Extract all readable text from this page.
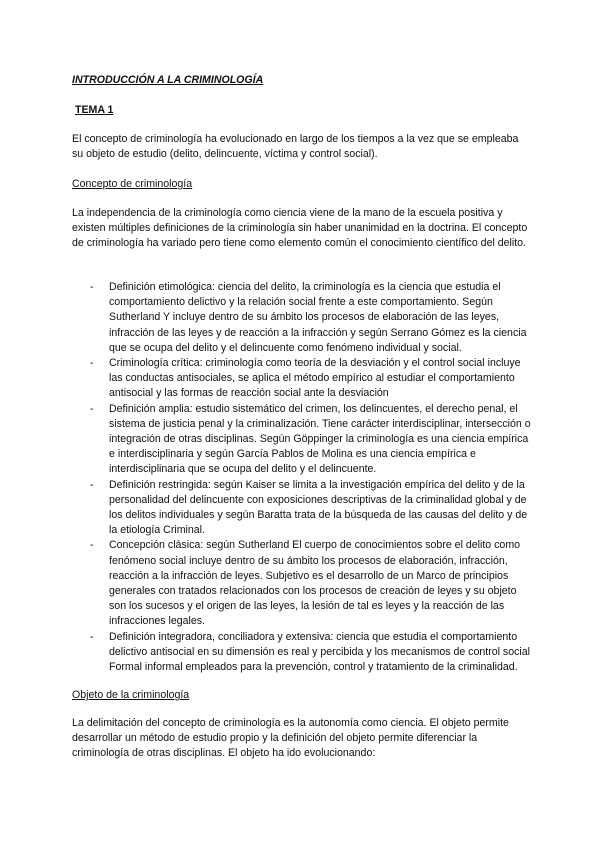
INTRODUCCIÓN A LA CRIMINOLOGÍA

TEMA 1

El concepto de criminología ha evolucionado en largo de los tiempos a la vez que se empleaba su objeto de estudio (delito, delincuente, víctima y control social).

Concepto de criminología

La independencia de la criminología como ciencia viene de la mano de la escuela positiva y existen múltiples definiciones de la criminología sin haber unanimidad en la doctrina. El concepto de criminología ha variado pero tiene como elemento común el conocimiento científico del delito.

- Definición etimológica: ciencia del delito, la criminología es la ciencia que estudia el comportamiento delictivo y la relación social frente a este comportamiento. Según Sutherland Y incluye dentro de su ámbito los procesos de elaboración de las leyes, infracción de las leyes y de reacción a la infracción y según Serrano Gómez es la ciencia que se ocupa del delito y el delincuente como fenómeno individual y social.
- Criminología crítica: criminología como teoría de la desviación y el control social incluye las conductas antisociales, se aplica el método empírico al estudiar el comportamiento antisocial y las formas de reacción social ante la desviación
- Definición amplia: estudio sistemático del crimen, los delincuentes, el derecho penal, el sistema de justicia penal y la criminalización. Tiene carácter interdisciplinar, intersección o integración de otras disciplinas. Según Göppinger la criminología es una ciencia empírica e interdisciplinaria y según García Pablos de Molina es una ciencia empírica e interdisciplinaria que se ocupa del delito y el delincuente.
- Definición restringida: según Kaiser se limita a la investigación empírica del delito y de la personalidad del delincuente con exposiciones descriptivas de la criminalidad global y de los delitos individuales y según Baratta trata de la búsqueda de las causas del delito y de la etiología Criminal.
- Concepción clásica: según Sutherland El cuerpo de conocimientos sobre el delito como fenómeno social incluye dentro de su ámbito los procesos de elaboración, infracción, reacción a la infracción de leyes. Subjetivo es el desarrollo de un Marco de principios generales con tratados relacionados con los procesos de creación de leyes y su objeto son los sucesos y el origen de las leyes, la lesión de tal es leyes y la reacción de las infracciones legales.
- Definición integradora, conciliadora y extensiva: ciencia que estudia el comportamiento delictivo antisocial en su dimensión es real y percibida y los mecanismos de control social Formal informal empleados para la prevención, control y tratamiento de la criminalidad.

Objeto de la criminología

La delimitación del concepto de criminología es la autonomía como ciencia. El objeto permite desarrollar un método de estudio propio y la definición del objeto permite diferenciar la criminología de otras disciplinas. El objeto ha ido evolucionando:
